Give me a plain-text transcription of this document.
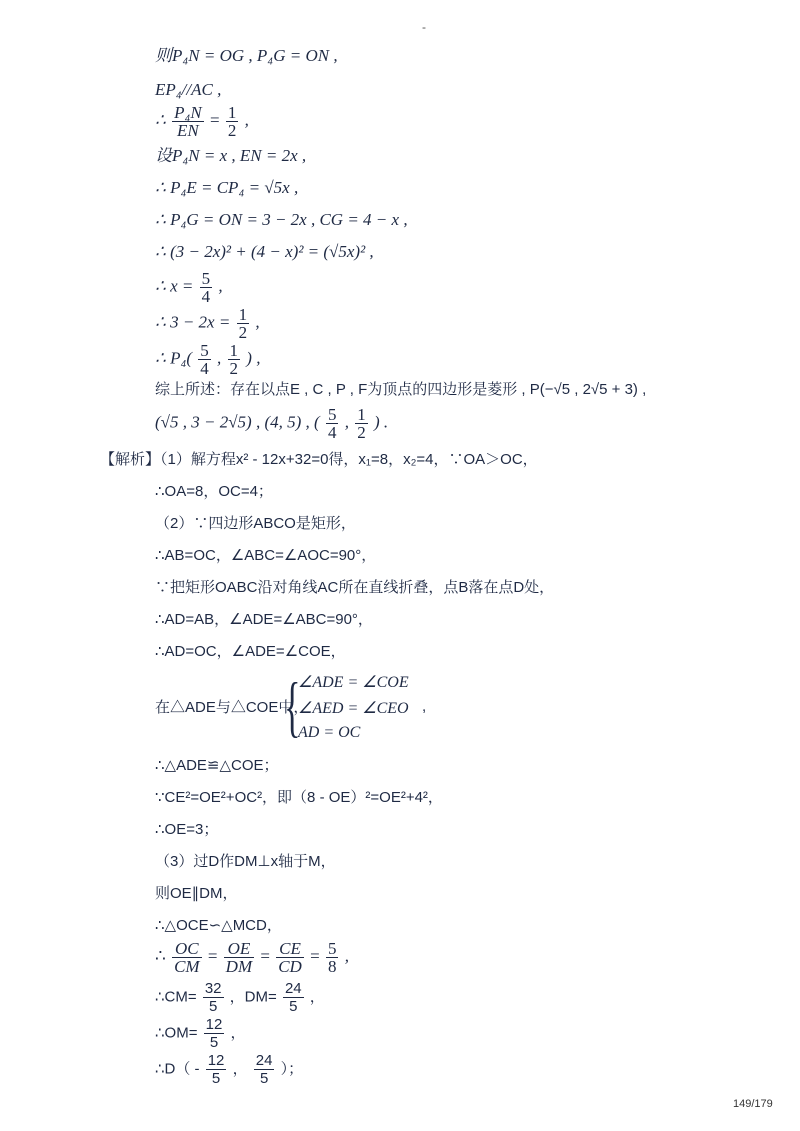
-
则P₄N = OG , P₄G = ON ,
EP₄//AC ,
∴ $\frac{\text{P₄N}}{EN} = \frac{1}{2}$ ,
设P₄N = x , EN = 2x ,
∴ P₄E = CP₄ = √5x ,
∴ P₄G = ON = 3 − 2x , CG = 4 − x ,
∴ (3 − 2x)² + (4 − x)² = (√5x)² ,
∴ $x = \frac{5}{4}$ ,
∴ $3 - 2x = \frac{1}{2}$ ,
∴ $P_4( \frac{5}{4}$ , $\frac{1}{2}$ ) ,
综上所述：存在以点E , C , P , F为顶点的四边形是菱形 , P(−√5 , 2√5 + 3) ,
(√5 , 3 − 2√5) , (4, 5) , ( $\frac{5}{4}$ , $\frac{1}{2}$ ) .
【解析】（1）解方程x² - 12x+32=0得，x₁=8，x₂=4，∵OA＞OC，
∴OA=8，OC=4；
（2）∵四边形ABCO是矩形，
∴AB=OC，∠ABC=∠AOC=90°，
∵把矩形OABC沿对角线AC所在直线折叠，点B落在点D处，
∴AD=AB，∠ADE=∠ABC=90°，
∴AD=OC，∠ADE=∠COE，
在△ADE与△COE中，
{
∠ADE = ∠COE
∠AED = ∠CEO
AD = OC
,
∴△ADE≌△COE；
∵CE²=OE²+OC²，即（8 - OE）²=OE²+4²，
∴OE=3；
（3）过D作DM⊥x轴于M，
则OE∥DM，
∴△OCE∽△MCD，
∴ $\frac{OC}{CM} = \frac{OE}{DM} = \frac{CE}{CD} = \frac{5}{8}$ ,
∴CM= $\frac{32}{5}$ ，$DM= \frac{24}{5}$ ，
∴OM= $\frac{12}{5}$ ，
∴D（ - $\frac{12}{5}$ ， $\frac{24}{5}$ ）；
149/179
